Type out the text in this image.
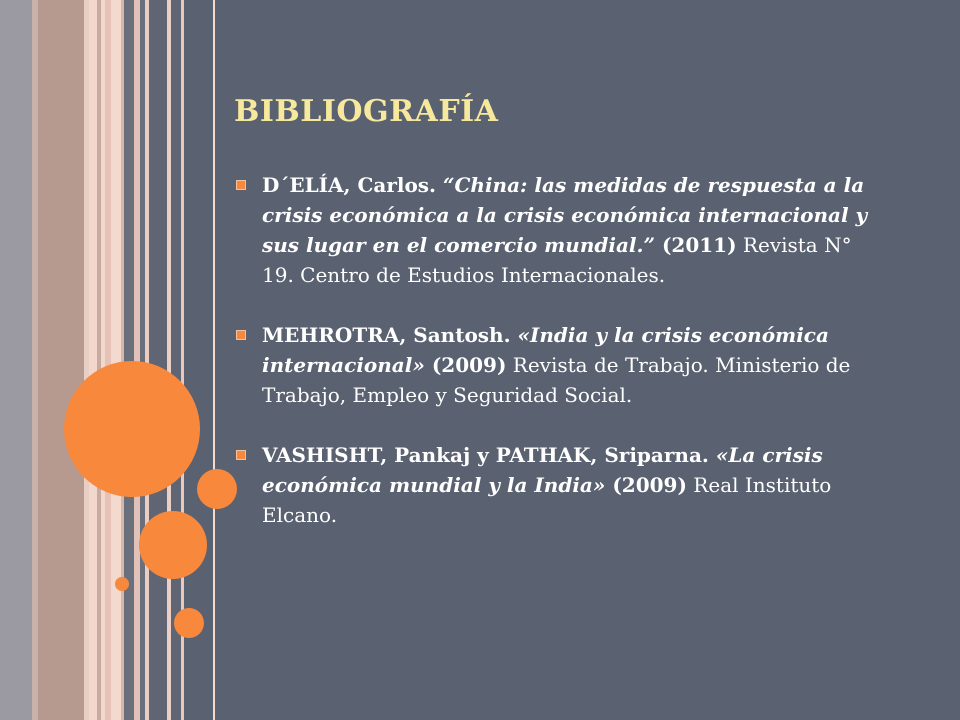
BIBLIOGRAFÍA
D´ELÍA, Carlos. “China: las medidas de respuesta a la crisis económica a la crisis económica internacional y sus lugar en el comercio mundial.” (2011) Revista N° 19. Centro de Estudios Internacionales.
MEHROTRA, Santosh. «India y la crisis económica internacional» (2009) Revista de Trabajo. Ministerio de Trabajo, Empleo y Seguridad Social.
VASHISHT, Pankaj y PATHAK, Sriparna. «La crisis económica mundial y la India» (2009) Real Instituto Elcano.
